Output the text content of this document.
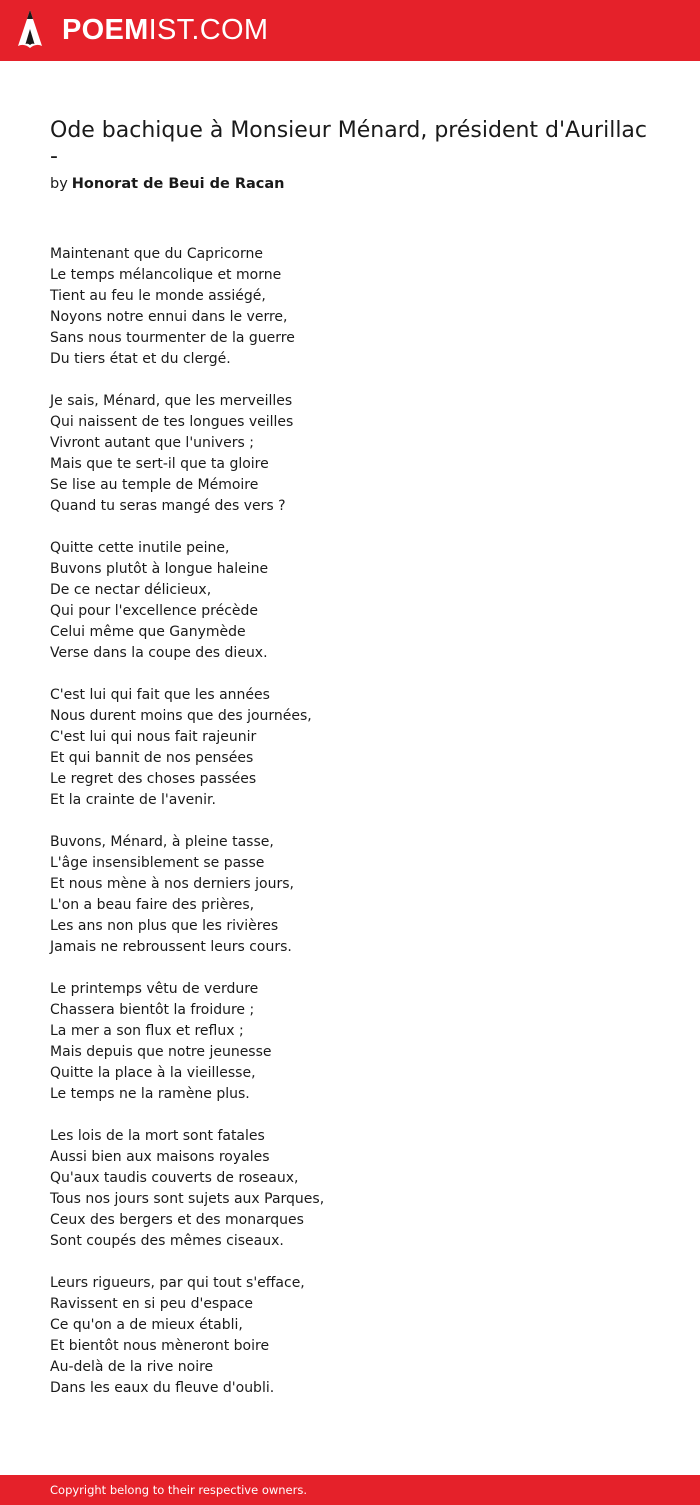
POEMIST.COM
Ode bachique à Monsieur Ménard, président d'Aurillac -
by Honorat de Beui de Racan
Maintenant que du Capricorne
Le temps mélancolique et morne
Tient au feu le monde assiégé,
Noyons notre ennui dans le verre,
Sans nous tourmenter de la guerre
Du tiers état et du clergé.
Je sais, Ménard, que les merveilles
Qui naissent de tes longues veilles
Vivront autant que l'univers ;
Mais que te sert-il que ta gloire
Se lise au temple de Mémoire
Quand tu seras mangé des vers ?
Quitte cette inutile peine,
Buvons plutôt à longue haleine
De ce nectar délicieux,
Qui pour l'excellence précède
Celui même que Ganymède
Verse dans la coupe des dieux.
C'est lui qui fait que les années
Nous durent moins que des journées,
C'est lui qui nous fait rajeunir
Et qui bannit de nos pensées
Le regret des choses passées
Et la crainte de l'avenir.
Buvons, Ménard, à pleine tasse,
L'âge insensiblement se passe
Et nous mène à nos derniers jours,
L'on a beau faire des prières,
Les ans non plus que les rivières
Jamais ne rebroussent leurs cours.
Le printemps vêtu de verdure
Chassera bientôt la froidure ;
La mer a son flux et reflux ;
Mais depuis que notre jeunesse
Quitte la place à la vieillesse,
Le temps ne la ramène plus.
Les lois de la mort sont fatales
Aussi bien aux maisons royales
Qu'aux taudis couverts de roseaux,
Tous nos jours sont sujets aux Parques,
Ceux des bergers et des monarques
Sont coupés des mêmes ciseaux.
Leurs rigueurs, par qui tout s'efface,
Ravissent en si peu d'espace
Ce qu'on a de mieux établi,
Et bientôt nous mèneront boire
Au-delà de la rive noire
Dans les eaux du fleuve d'oubli.
Copyright belong to their respective owners.
